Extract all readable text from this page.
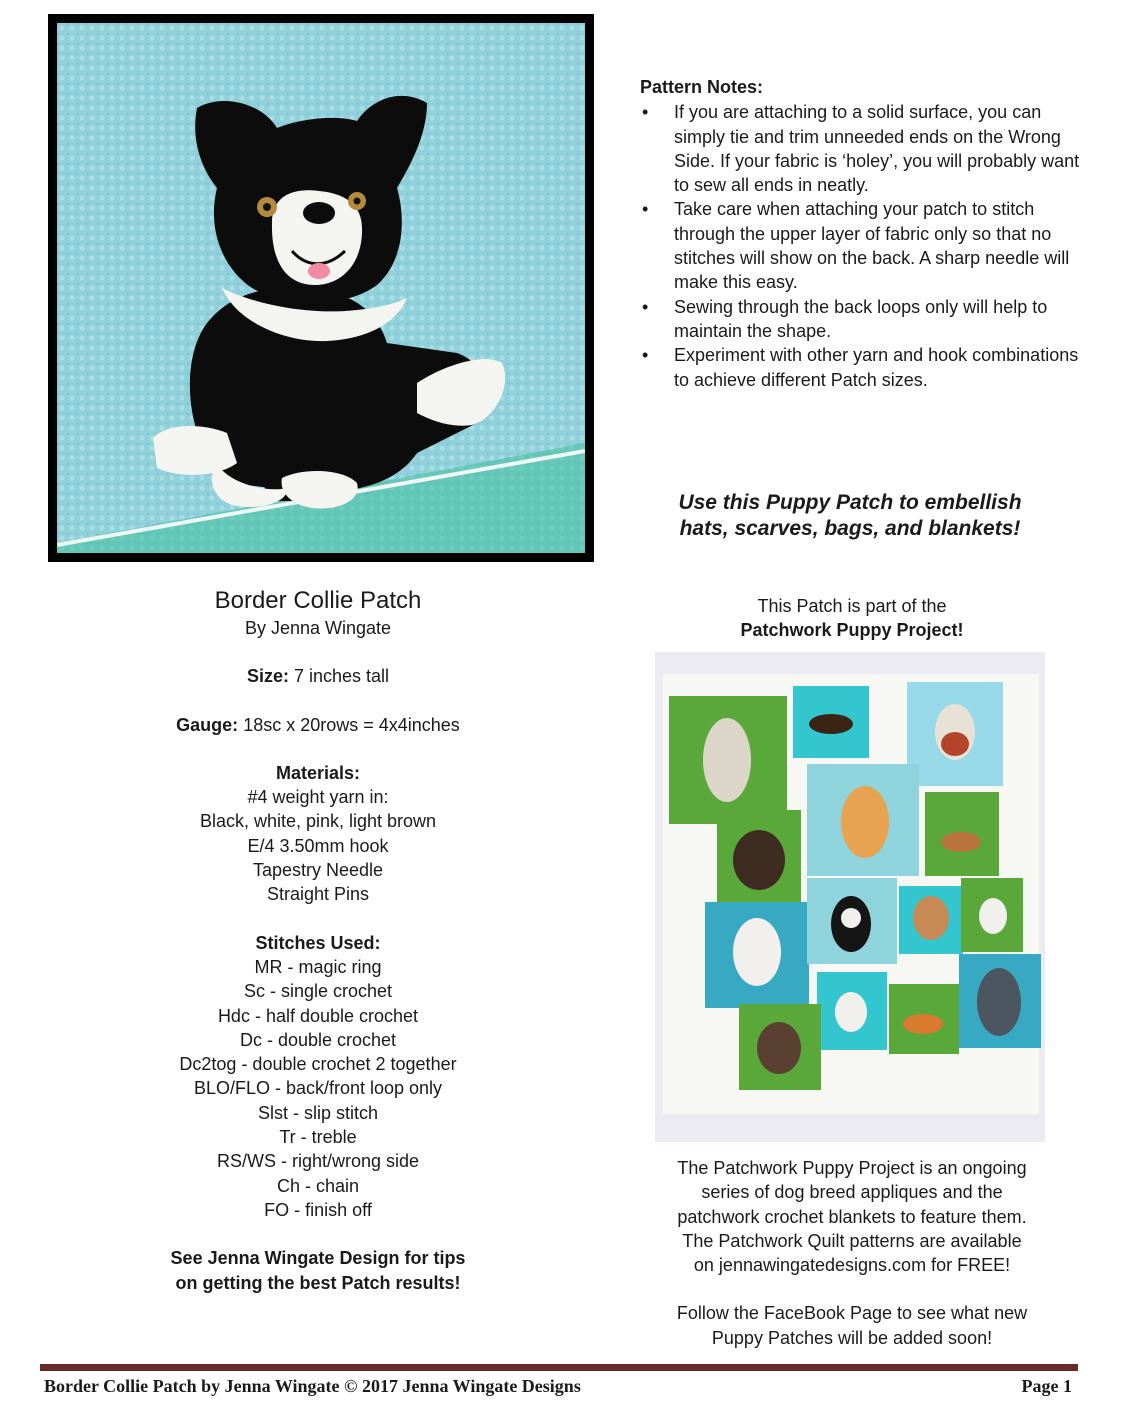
Pattern Notes:
• If you are attaching to a solid surface, you can simply tie and trim unneeded ends on the Wrong Side. If your fabric is ‘holey’, you will probably want to sew all ends in neatly.
• Take care when attaching your patch to stitch through the upper layer of fabric only so that no stitches will show on the back. A sharp needle will make this easy.
• Sewing through the back loops only will help to maintain the shape.
• Experiment with other yarn and hook combinations to achieve different Patch sizes.
Use this Puppy Patch to embellish
hats, scarves, bags, and blankets!
Border Collie Patch
By Jenna Wingate
Size: 7 inches tall
Gauge: 18sc x 20rows = 4x4inches
Materials:
#4 weight yarn in:
Black, white, pink, light brown
E/4 3.50mm hook
Tapestry Needle
Straight Pins
Stitches Used:
MR - magic ring
Sc - single crochet
Hdc - half double crochet
Dc - double crochet
Dc2tog - double crochet 2 together
BLO/FLO - back/front loop only
Slst - slip stitch
Tr - treble
RS/WS - right/wrong side
Ch - chain
FO - finish off
See Jenna Wingate Design for tips
on getting the best Patch results!
This Patch is part of the
Patchwork Puppy Project!
The Patchwork Puppy Project is an ongoing
series of dog breed appliques and the
patchwork crochet blankets to feature them.
The Patchwork Quilt patterns are available
on jennawingatedesigns.com for FREE!
Follow the FaceBook Page to see what new
Puppy Patches will be added soon!
Border Collie Patch by Jenna Wingate © 2017 Jenna Wingate Designs	Page 1
